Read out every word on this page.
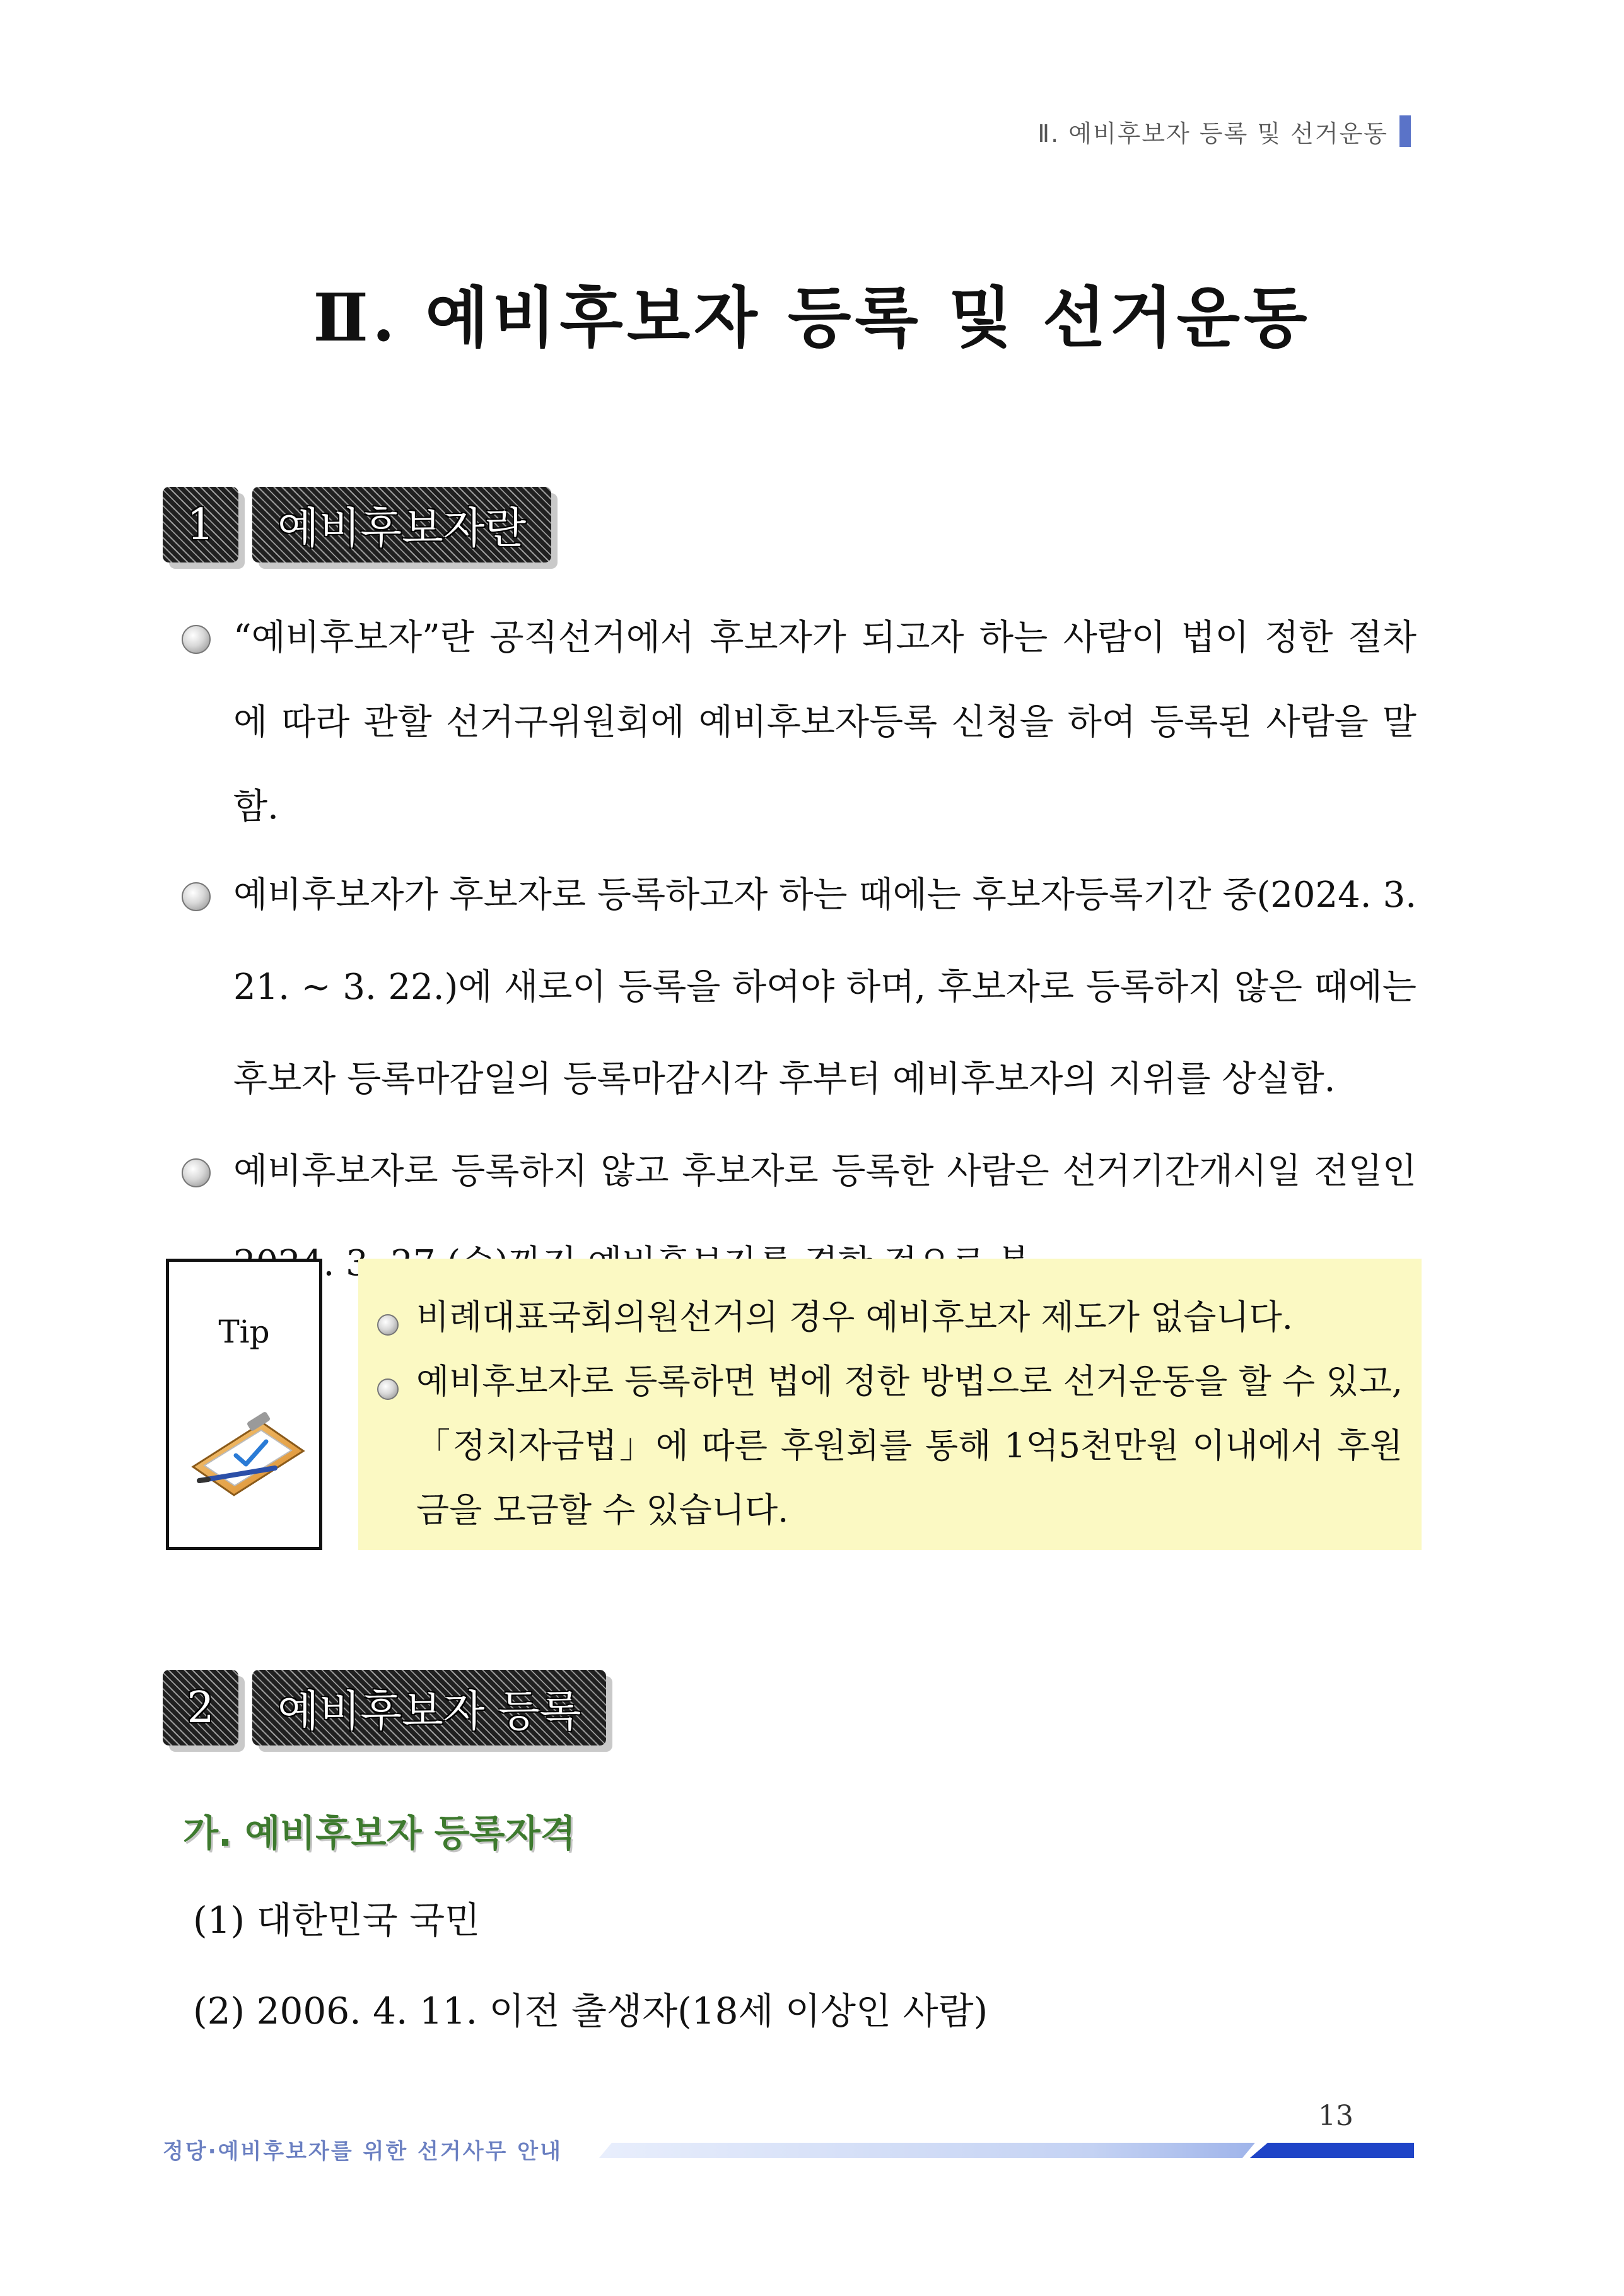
Ⅱ. 예비후보자 등록 및 선거운동
Ⅱ. 예비후보자 등록 및 선거운동
1	예비후보자란
“예비후보자”란 공직선거에서 후보자가 되고자 하는 사람이 법이 정한 절차에 따라 관할 선거구위원회에 예비후보자등록 신청을 하여 등록된 사람을 말함.
예비후보자가 후보자로 등록하고자 하는 때에는 후보자등록기간 중(2024. 3. 21. ~ 3. 22.)에 새로이 등록을 하여야 하며, 후보자로 등록하지 않은 때에는 후보자 등록마감일의 등록마감시각 후부터 예비후보자의 지위를 상실함.
예비후보자로 등록하지 않고 후보자로 등록한 사람은 선거기간개시일 전일인
Tip	비례대표국회의원선거의 경우 예비후보자 제도가 없습니다.
예비후보자로 등록하면 법에 정한 방법으로 선거운동을 할 수 있고, 「정치자금법」에 따른 후원회를 통해 1억5천만원 이내에서 후원금을 모금할 수 있습니다.
2	예비후보자 등록
가. 예비후보자 등록자격
(1) 대한민국 국민
(2) 2006. 4. 11. 이전 출생자(18세 이상인 사람)
13
정당·예비후보자를 위한 선거사무 안내
